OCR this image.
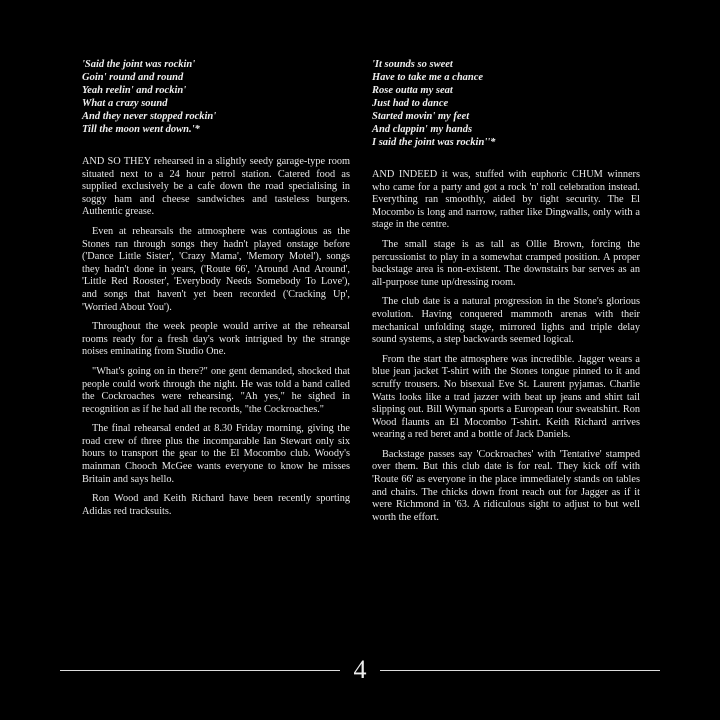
'Said the joint was rockin'
Goin' round and round
Yeah reelin' and rockin'
What a crazy sound
And they never stopped rockin'
Till the moon went down.'*

AND SO THEY rehearsed in a slightly seedy garage-type room situated next to a 24 hour petrol station. Catered food as supplied exclusively be a cafe down the road specialising in soggy ham and cheese sandwiches and tasteless burgers. Authentic grease.

Even at rehearsals the atmosphere was contagious as the Stones ran through songs they hadn't played onstage before ('Dance Little Sister', 'Crazy Mama', 'Memory Motel'), songs they hadn't done in years, ('Route 66', 'Around And Around', 'Little Red Rooster', 'Everybody Needs Somebody To Love'), and songs that haven't yet been recorded ('Cracking Up', 'Worried About You').

Throughout the week people would arrive at the rehearsal rooms ready for a fresh day's work intrigued by the strange noises eminating from Studio One.

"What's going on in there?" one gent demanded, shocked that people could work through the night. He was told a band called the Cockroaches were rehearsing. "Ah yes," he sighed in recognition as if he had all the records, "the Cockroaches."

The final rehearsal ended at 8.30 Friday morning, giving the road crew of three plus the incomparable Ian Stewart only six hours to transport the gear to the El Mocombo club. Woody's mainman Chooch McGee wants everyone to know he misses Britain and says hello.

Ron Wood and Keith Richard have been recently sporting Adidas red tracksuits.

'It sounds so sweet
Have to take me a chance
Rose outta my seat
Just had to dance
Started movin' my feet
And clappin' my hands
I said the joint was rockin''*

AND INDEED it was, stuffed with euphoric CHUM winners who came for a party and got a rock 'n' roll celebration instead. Everything ran smoothly, aided by tight security. The El Mocombo is long and narrow, rather like Dingwalls, only with a stage in the centre.

The small stage is as tall as Ollie Brown, forcing the percussionist to play in a somewhat cramped position. A proper backstage area is non-existent. The downstairs bar serves as an all-purpose tune up/dressing room.

The club date is a natural progression in the Stone's glorious evolution. Having conquered mammoth arenas with their mechanical unfolding stage, mirrored lights and triple delay sound systems, a step backwards seemed logical.

From the start the atmosphere was incredible. Jagger wears a blue jean jacket T-shirt with the Stones tongue pinned to it and scruffy trousers. No bisexual Eve St. Laurent pyjamas. Charlie Watts looks like a trad jazzer with beat up jeans and shirt tail slipping out. Bill Wyman sports a European tour sweatshirt. Ron Wood flaunts an El Mocombo T-shirt. Keith Richard arrives wearing a red beret and a bottle of Jack Daniels.

Backstage passes say 'Cockroaches' with 'Tentative' stamped over them. But this club date is for real. They kick off with 'Route 66' as everyone in the place immediately stands on tables and chairs. The chicks down front reach out for Jagger as if it were Richmond in '63. A ridiculous sight to adjust to but well worth the effort.

4
